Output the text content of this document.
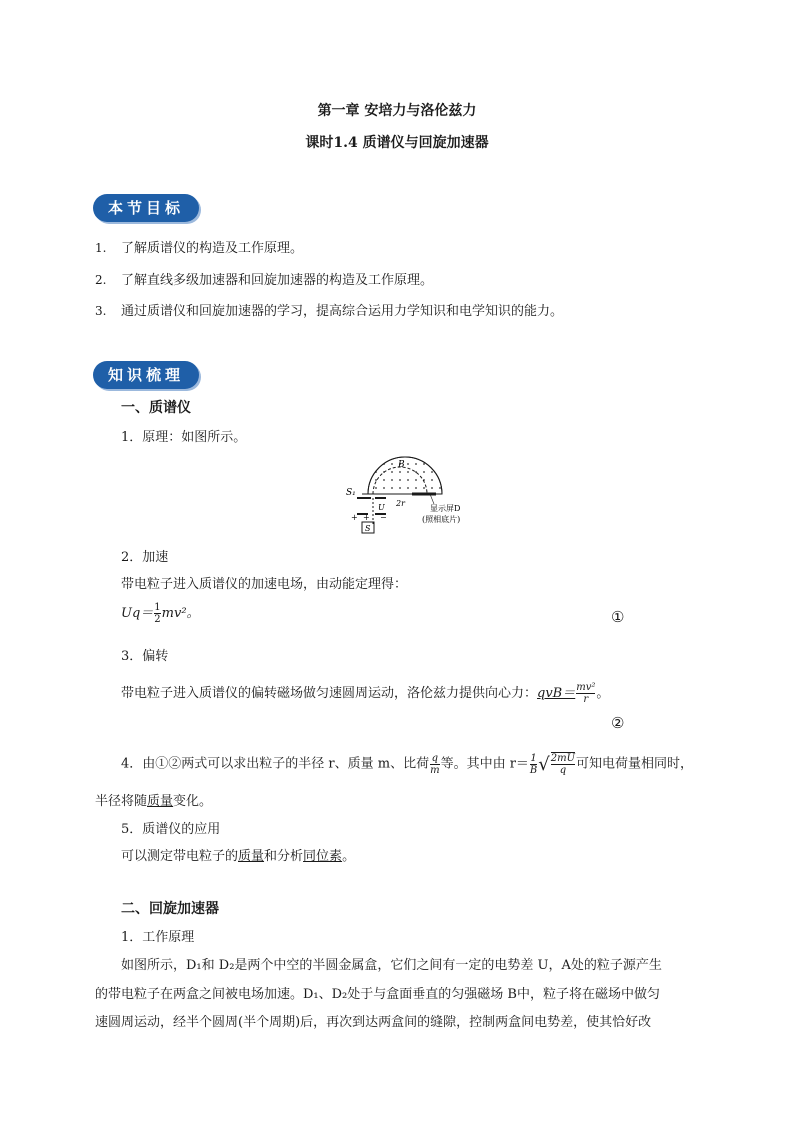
第一章 安培力与洛伦兹力
课时1.4 质谱仪与回旋加速器
本节目标
1. 了解质谱仪的构造及工作原理。
2. 了解直线多级加速器和回旋加速器的构造及工作原理。
3. 通过质谱仪和回旋加速器的学习，提高综合运用力学知识和电学知识的能力。
知识梳理
一、质谱仪
1．原理：如图所示。
B
S₁
U
+ + −
S
2r
显示屏D
(照相底片)
2．加速
带电粒子进入质谱仪的加速电场，由动能定理得：
$Uq= \frac{1}{2} mv^2$。	①
3．偏转
带电粒子进入质谱仪的偏转磁场做匀速圆周运动，洛伦兹力提供向心力：$qvB= \frac{\text{mv²}}{r}$ 。
②
4．由①②两式可以求出粒子的半径 r、质量 m、比荷 $\frac{q}{m}$ 等。其中由 $r= \frac{1}{B}$ √ $\frac{2mU}{q}$ 可知电荷量相同时，
半径将随质量变化。
5．质谱仪的应用
可以测定带电粒子的质量和分析同位素。
二、回旋加速器
1．工作原理
如图所示，D₁和 D₂是两个中空的半圆金属盒，它们之间有一定的电势差 U，A处的粒子源产生
的带电粒子在两盒之间被电场加速。D₁、D₂处于与盒面垂直的匀强磁场 B中，粒子将在磁场中做匀
速圆周运动，经半个圆周(半个周期)后，再次到达两盒间的缝隙，控制两盒间电势差，使其恰好改
